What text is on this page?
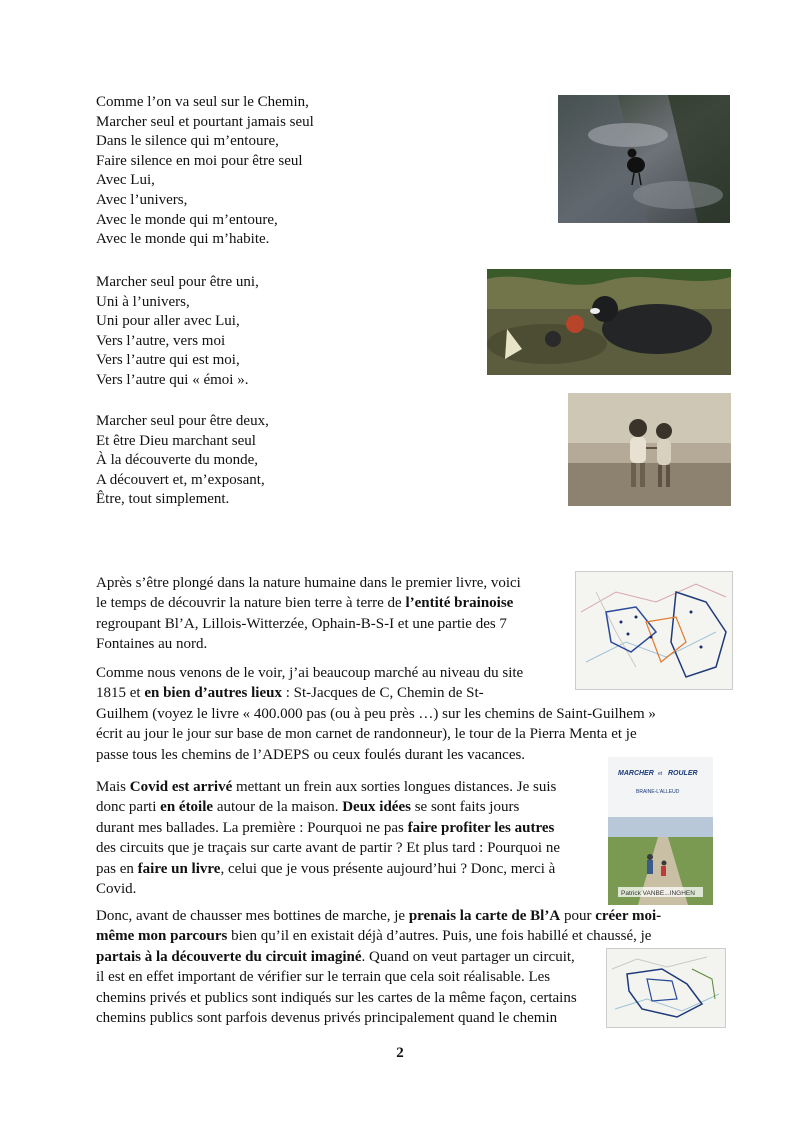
Comme l’on va seul sur le Chemin,
Marcher seul et pourtant jamais seul
Dans le silence qui m’entoure,
Faire silence en moi pour être seul
Avec Lui,
Avec l’univers,
Avec le monde qui m’entoure,
Avec le monde qui m’habite.
Marcher seul pour être uni,
Uni à l’univers,
Uni pour aller avec Lui,
Vers l’autre, vers moi
Vers l’autre qui est moi,
Vers l’autre qui « émoi ».
Marcher seul pour être deux,
Et être Dieu marchant seul
À la découverte du monde,
A découvert et, m’exposant,
Être, tout simplement.
Après s’être plongé dans la nature humaine dans le premier livre, voici
le temps de découvrir la nature bien terre à terre de l’entité brainoise
regroupant Bl’A, Lillois-Witterzée, Ophain-B-S-I et une partie des 7
Fontaines au nord.
Comme nous venons de le voir, j’ai beaucoup marché au niveau du site
1815 et en bien d’autres lieux : St-Jacques de C, Chemin de St-
Guilhem (voyez le livre « 400.000 pas (ou à peu près …) sur les chemins de Saint-Guilhem »
écrit au jour le jour sur base de mon carnet de randonneur), le tour de la Pierra Menta et je
passe tous les chemins de l’ADEPS ou ceux foulés durant les vacances.
Mais Covid est arrivé mettant un frein aux sorties longues distances. Je suis
donc parti en étoile autour de la maison. Deux idées se sont faits jours
durant mes ballades. La première : Pourquoi ne pas faire profiter les autres
des circuits que je traçais sur carte avant de partir ? Et plus tard : Pourquoi ne
pas en faire un livre, celui que je vous présente aujourd’hui ? Donc, merci à
Covid.
MARCHER et ROULER
BRAINE-L’ALLEUD
Patrick VANBE...INGHEN
Donc, avant de chausser mes bottines de marche, je prenais la carte de Bl’A pour créer moi-
même mon parcours bien qu’il en existait déjà d’autres. Puis, une fois habillé et chaussé, je
partais à la découverte du circuit imaginé. Quand on veut partager un circuit,
il est en effet important de vérifier sur le terrain que cela soit réalisable. Les
chemins privés et publics sont indiqués sur les cartes de la même façon, certains
chemins publics sont parfois devenus privés principalement quand le chemin
2
